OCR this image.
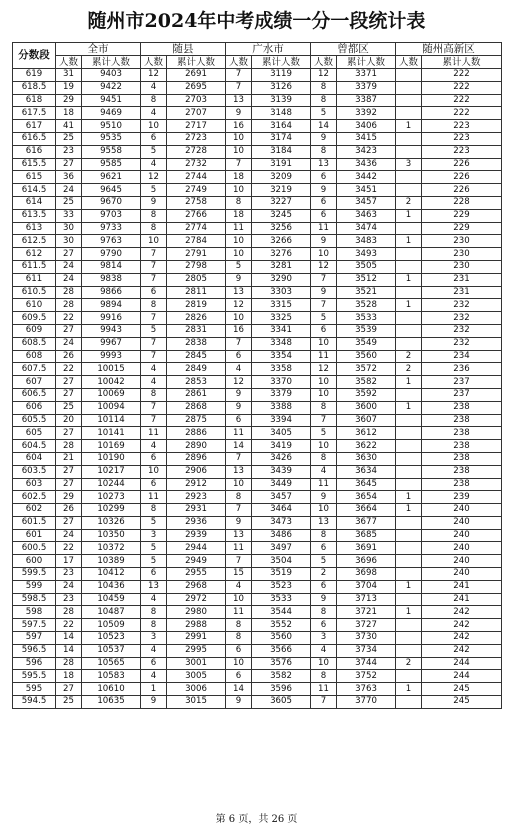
随州市2024年中考成绩一分一段统计表
分数段	全市		随县		广水市		曾都区		随州高新区	
	人数	累计人数	人数	累计人数	人数	累计人数	人数	累计人数	人数	累计人数
619	31	9403	12	2691	7	3119	12	3371		222
618.5	19	9422	4	2695	7	3126	8	3379		222
618	29	9451	8	2703	13	3139	8	3387		222
617.5	18	9469	4	2707	9	3148	5	3392		222
617	41	9510	10	2717	16	3164	14	3406	1	223
616.5	25	9535	6	2723	10	3174	9	3415		223
616	23	9558	5	2728	10	3184	8	3423		223
615.5	27	9585	4	2732	7	3191	13	3436	3	226
615	36	9621	12	2744	18	3209	6	3442		226
614.5	24	9645	5	2749	10	3219	9	3451		226
614	25	9670	9	2758	8	3227	6	3457	2	228
613.5	33	9703	8	2766	18	3245	6	3463	1	229
613	30	9733	8	2774	11	3256	11	3474		229
612.5	30	9763	10	2784	10	3266	9	3483	1	230
612	27	9790	7	2791	10	3276	10	3493		230
611.5	24	9814	7	2798	5	3281	12	3505		230
611	24	9838	7	2805	9	3290	7	3512	1	231
610.5	28	9866	6	2811	13	3303	9	3521		231
610	28	9894	8	2819	12	3315	7	3528	1	232
609.5	22	9916	7	2826	10	3325	5	3533		232
609	27	9943	5	2831	16	3341	6	3539		232
608.5	24	9967	7	2838	7	3348	10	3549		232
608	26	9993	7	2845	6	3354	11	3560	2	234
607.5	22	10015	4	2849	4	3358	12	3572	2	236
607	27	10042	4	2853	12	3370	10	3582	1	237
606.5	27	10069	8	2861	9	3379	10	3592		237
606	25	10094	7	2868	9	3388	8	3600	1	238
605.5	20	10114	7	2875	6	3394	7	3607		238
605	27	10141	11	2886	11	3405	5	3612		238
604.5	28	10169	4	2890	14	3419	10	3622		238
604	21	10190	6	2896	7	3426	8	3630		238
603.5	27	10217	10	2906	13	3439	4	3634		238
603	27	10244	6	2912	10	3449	11	3645		238
602.5	29	10273	11	2923	8	3457	9	3654	1	239
602	26	10299	8	2931	7	3464	10	3664	1	240
601.5	27	10326	5	2936	9	3473	13	3677		240
601	24	10350	3	2939	13	3486	8	3685		240
600.5	22	10372	5	2944	11	3497	6	3691		240
600	17	10389	5	2949	7	3504	5	3696		240
599.5	23	10412	6	2955	15	3519	2	3698		240
599	24	10436	13	2968	4	3523	6	3704	1	241
598.5	23	10459	4	2972	10	3533	9	3713		241
598	28	10487	8	2980	11	3544	8	3721	1	242
597.5	22	10509	8	2988	8	3552	6	3727		242
597	14	10523	3	2991	8	3560	3	3730		242
596.5	14	10537	4	2995	6	3566	4	3734		242
596	28	10565	6	3001	10	3576	10	3744	2	244
595.5	18	10583	4	3005	6	3582	8	3752		244
595	27	10610	1	3006	14	3596	11	3763	1	245
594.5	25	10635	9	3015	9	3605	7	3770		245
第 6 页，共 26 页
